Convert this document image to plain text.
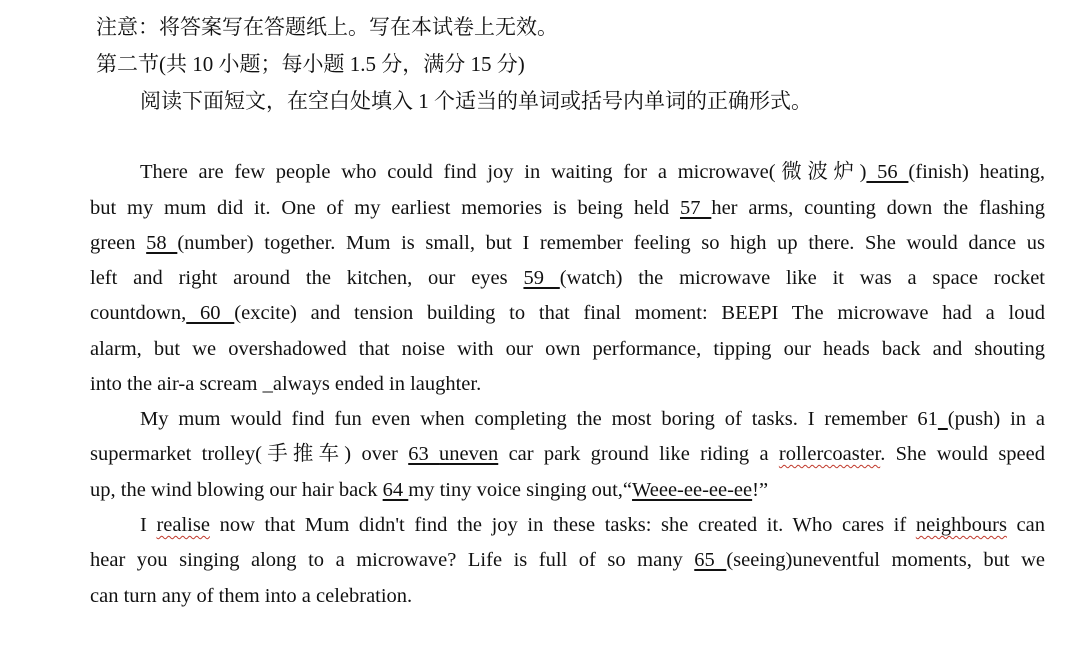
注意：将答案写在答题纸上。写在本试卷上无效。
第二节(共 10 小题；每小题 1.5 分，满分 15 分)
阅读下面短文，在空白处填入 1 个适当的单词或括号内单词的正确形式。
There are few people who could find joy in waiting for a microwave(微波炉) 56 (finish) heating,
but my mum did it. One of my earliest memories is being held 57 her arms, counting down the flashing
green 58 (number) together. Mum is small, but I remember feeling so high up there. She would dance us
left and right around the kitchen, our eyes 59 (watch) the microwave like it was a space rocket
countdown, 60 (excite) and tension building to that final moment: BEEPI The microwave had a loud
alarm, but we overshadowed that noise with our own performance, tipping our heads back and shouting
into the air-a scream _always ended in laughter.
My mum would find fun even when completing the most boring of tasks. I remember 61 (push) in a
supermarket trolley(手推车) over 63 uneven car park ground like riding a rollercoaster. She would speed
up, the wind blowing our hair back 64 my tiny voice singing out,“Weee-ee-ee-ee!”
I realise now that Mum didn't find the joy in these tasks: she created it. Who cares if neighbours can
hear you singing along to a microwave? Life is full of so many 65 (seeing)uneventful moments, but we
can turn any of them into a celebration.
